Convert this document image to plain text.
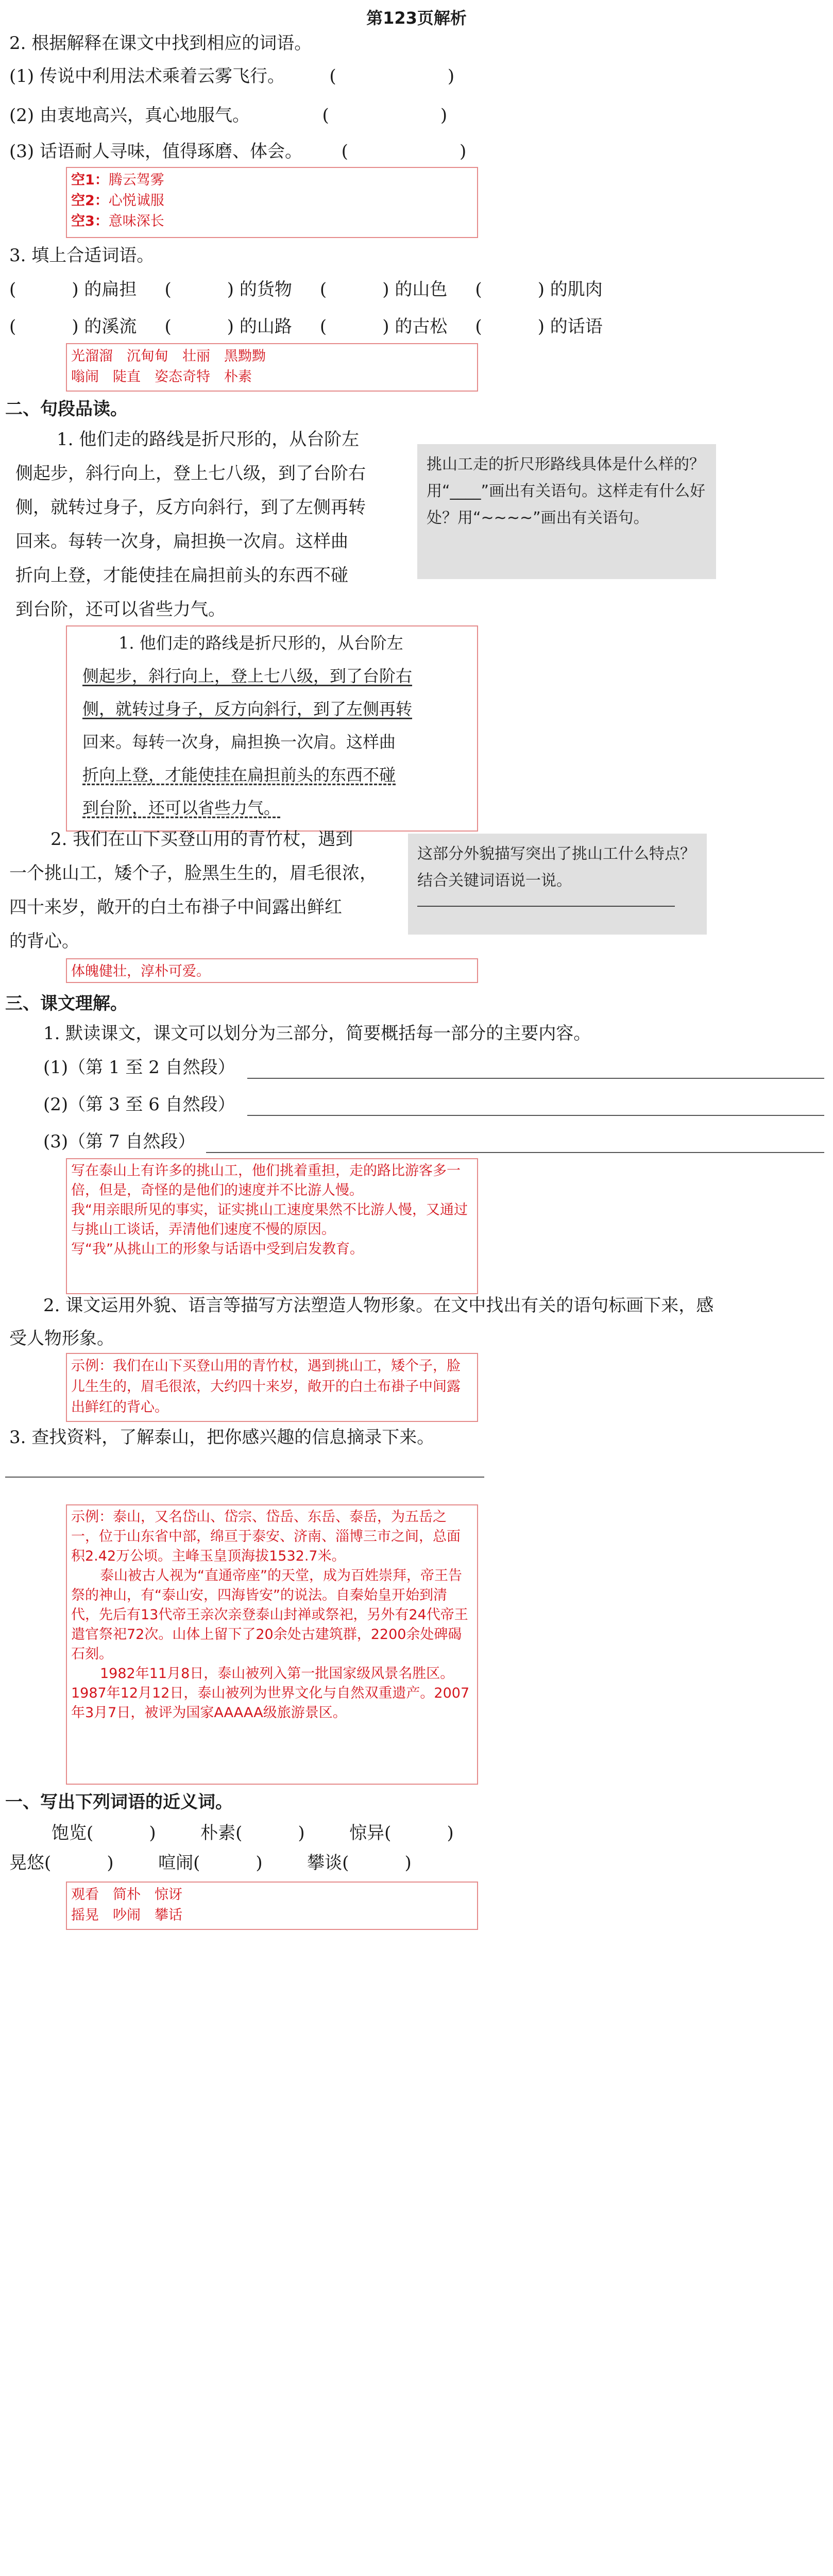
第123页解析
2. 根据解释在课文中找到相应的词语。
(1) 传说中利用法术乘着云雾飞行。        (                    )
(2) 由衷地高兴，真心地服气。             (                    )
(3) 话语耐人寻味，值得琢磨、体会。       (                    )

空1：腾云驾雾

空2：心悦诚服

空3：意味深长

3. 填上合适词语。
(          ) 的扁担     (          ) 的货物     (          ) 的山色     (          ) 的肌肉
(          ) 的溪流     (          ) 的山路     (          ) 的古松     (          ) 的话语

光溜溜　沉甸甸　壮丽　黑黝黝

嗡闹　陡直　姿态奇特　朴素

二、句段品读。
1. 他们走的路线是折尺形的，从台阶左
侧起步，斜行向上，登上七八级，到了台阶右
侧，就转过身子，反方向斜行，到了左侧再转
回来。每转一次身，扁担换一次肩。这样曲
折向上登，才能使挂在扁担前头的东西不碰
到台阶，还可以省些力气。
挑山工走的折尺形路线具体是什么样的？用“____”画出有关语句。这样走有什么好处？用“~~~~”画出有关语句。
1. 他们走的路线是折尺形的，从台阶左
侧起步，斜行向上，登上七八级，到了台阶右
侧，就转过身子，反方向斜行，到了左侧再转
回来。每转一次身，扁担换一次肩。这样曲
折向上登，才能使挂在扁担前头的东西不碰
到台阶，还可以省些力气。
2. 我们在山下买登山用的青竹杖，遇到
一个挑山工，矮个子，脸黑生生的，眉毛很浓，
四十来岁，敞开的白土布褂子中间露出鲜红
的背心。
这部分外貌描写突出了挑山工什么特点？结合关键词语说一说。
体魄健壮，淳朴可爱。
三、课文理解。
1. 默读课文，课文可以划分为三部分，简要概括每一部分的主要内容。
(1)（第 1 至 2 自然段）
(2)（第 3 至 6 自然段）
(3)（第 7 自然段）

写在泰山上有许多的挑山工，他们挑着重担，走的路比游客多一倍，但是，奇怪的是他们的速度并不比游人慢。

我“用亲眼所见的事实，证实挑山工速度果然不比游人慢，又通过与挑山工谈话，弄清他们速度不慢的原因。

写“我”从挑山工的形象与话语中受到启发教育。

2. 课文运用外貌、语言等描写方法塑造人物形象。在文中找出有关的语句标画下来，感
受人物形象。
示例：我们在山下买登山用的青竹杖，遇到挑山工，矮个子，脸儿生生的，眉毛很浓，大约四十来岁，敞开的白土布褂子中间露出鲜红的背心。
3. 查找资料，了解泰山，把你感兴趣的信息摘录下来。

示例：泰山，又名岱山、岱宗、岱岳、东岳、泰岳，为五岳之一，位于山东省中部，绵亘于泰安、济南、淄博三市之间，总面积2.42万公顷。主峰玉皇顶海拔1532.7米。

泰山被古人视为“直通帝座”的天堂，成为百姓崇拜，帝王告祭的神山，有“泰山安，四海皆安”的说法。自秦始皇开始到清代，先后有13代帝王亲次亲登泰山封禅或祭祀，另外有24代帝王遣官祭祀72次。山体上留下了20余处古建筑群，2200余处碑碣石刻。

1982年11月8日，泰山被列入第一批国家级风景名胜区。1987年12月12日，泰山被列为世界文化与自然双重遗产。2007年3月7日，被评为国家AAAAA级旅游景区。

一、写出下列词语的近义词。
饱览(          )        朴素(          )        惊异(          )
晃悠(          )        喧闹(          )        攀谈(          )

观看　简朴　惊讶

摇晃　吵闹　攀话
